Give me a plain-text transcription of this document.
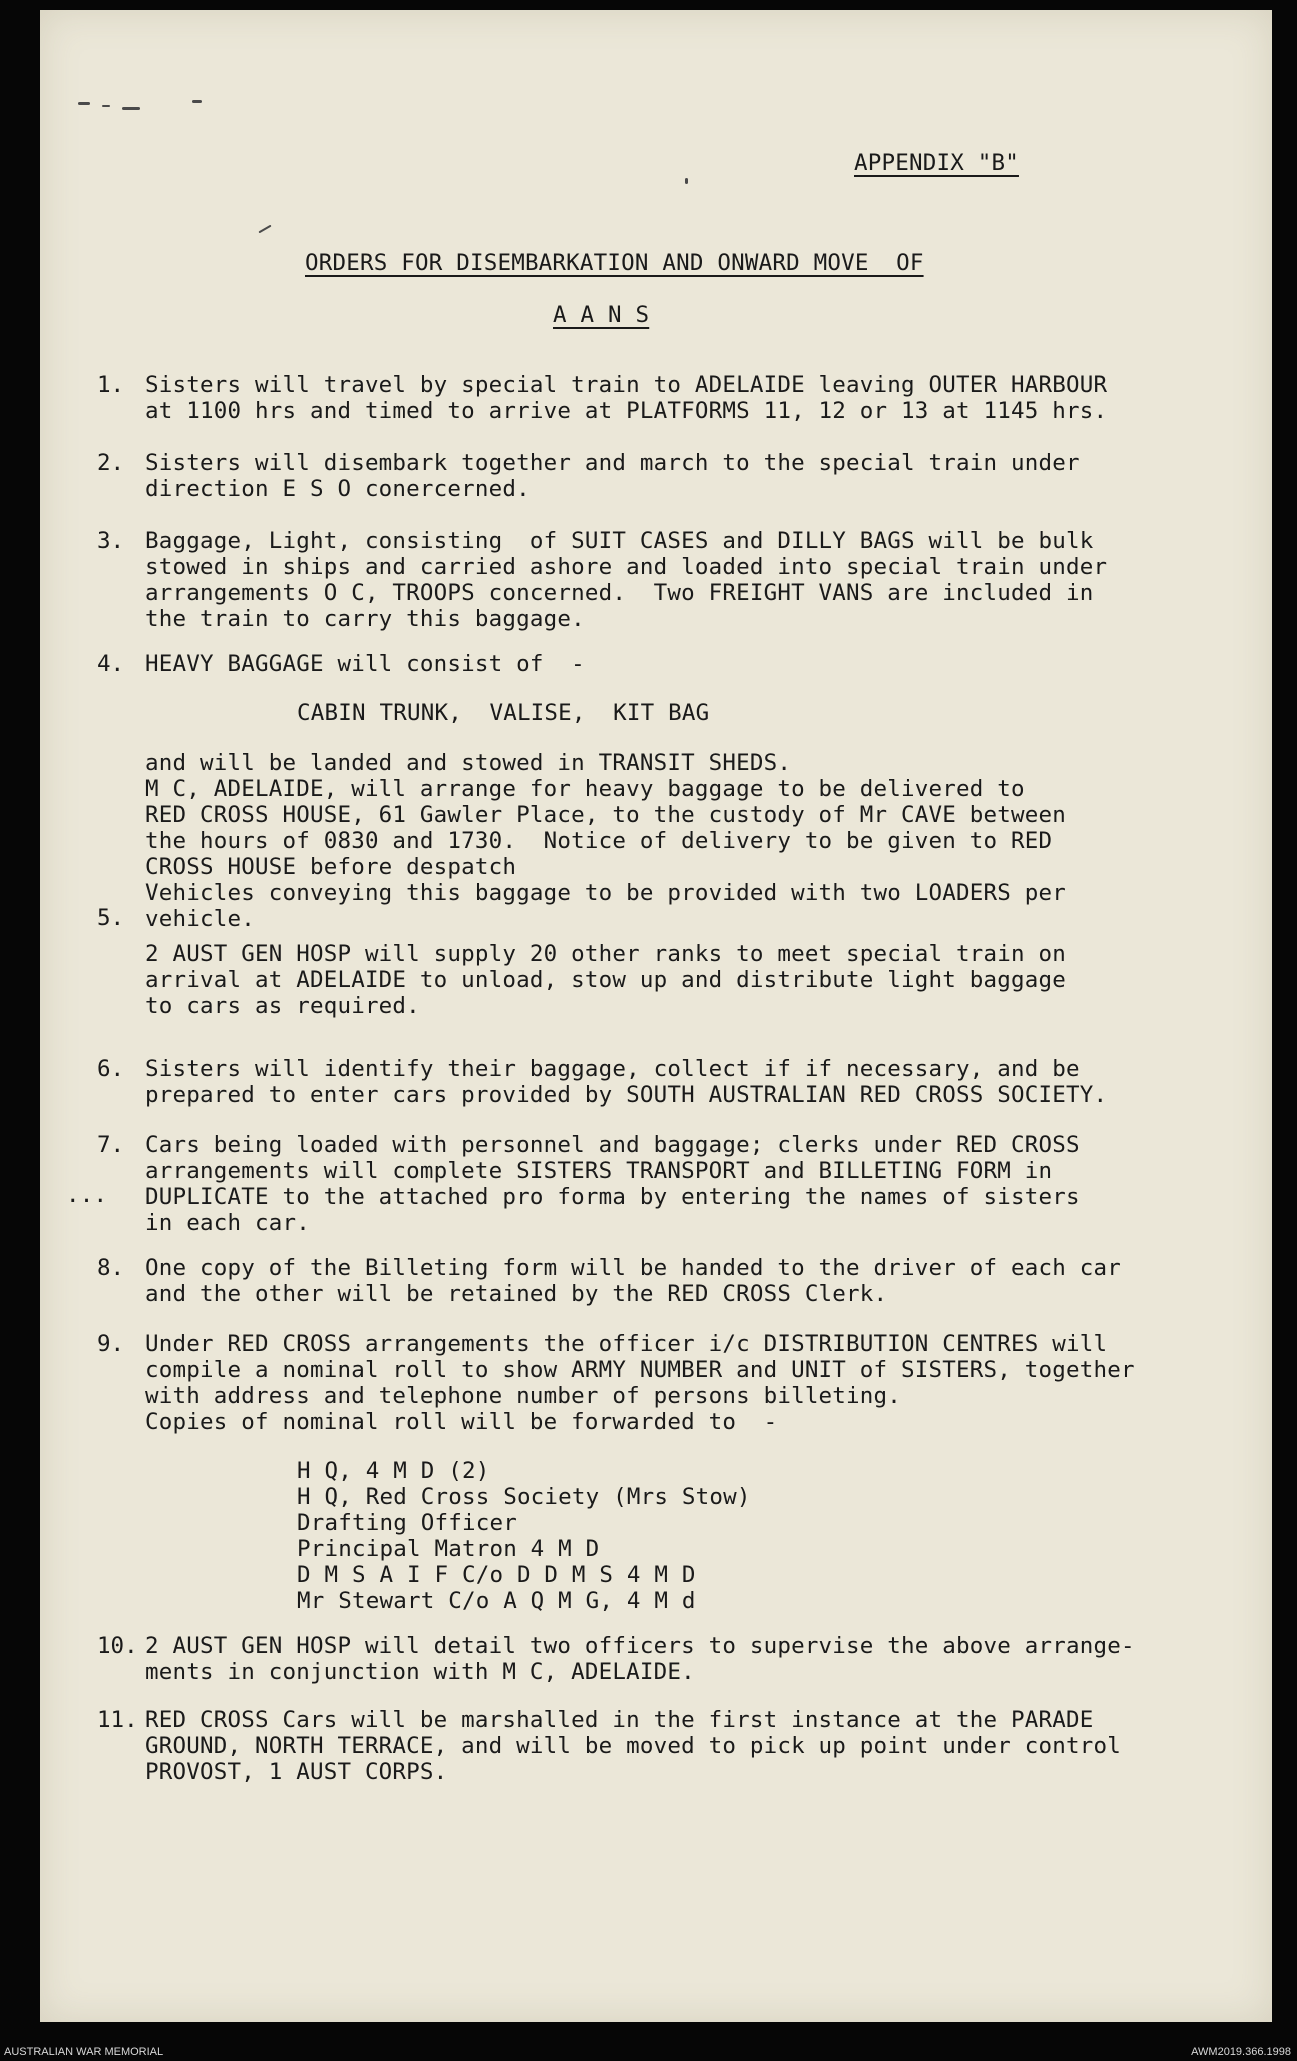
APPENDIX "B"
ORDERS FOR DISEMBARKATION AND ONWARD MOVE  OF
A A N S
1. Sisters will travel by special train to ADELAIDE leaving OUTER HARBOUR
at 1100 hrs and timed to arrive at PLATFORMS 11, 12 or 13 at 1145 hrs.
2. Sisters will disembark together and march to the special train under
direction E S O conercerned.
3. Baggage, Light, consisting  of SUIT CASES and DILLY BAGS will be bulk
stowed in ships and carried ashore and loaded into special train under
arrangements O C, TROOPS concerned.  Two FREIGHT VANS are included in
the train to carry this baggage.
4. HEAVY BAGGAGE will consist of  -
CABIN TRUNK,  VALISE,  KIT BAG
and will be landed and stowed in TRANSIT SHEDS.
M C, ADELAIDE, will arrange for heavy baggage to be delivered to
RED CROSS HOUSE, 61 Gawler Place, to the custody of Mr CAVE between
the hours of 0830 and 1730.  Notice of delivery to be given to RED
CROSS HOUSE before despatch
Vehicles conveying this baggage to be provided with two LOADERS per
vehicle.
5.
2 AUST GEN HOSP will supply 20 other ranks to meet special train on
arrival at ADELAIDE to unload, stow up and distribute light baggage
to cars as required.
6. Sisters will identify their baggage, collect if if necessary, and be
prepared to enter cars provided by SOUTH AUSTRALIAN RED CROSS SOCIETY.
7. Cars being loaded with personnel and baggage; clerks under RED CROSS
arrangements will complete SISTERS TRANSPORT and BILLETING FORM in
DUPLICATE to the attached pro forma by entering the names of sisters
in each car.
8. One copy of the Billeting form will be handed to the driver of each car
and the other will be retained by the RED CROSS Clerk.
9. Under RED CROSS arrangements the officer i/c DISTRIBUTION CENTRES will
compile a nominal roll to show ARMY NUMBER and UNIT of SISTERS, together
with address and telephone number of persons billeting.
Copies of nominal roll will be forwarded to  -
H Q, 4 M D (2)
H Q, Red Cross Society (Mrs Stow)
Drafting Officer
Principal Matron 4 M D
D M S A I F C/o D D M S 4 M D
Mr Stewart C/o A Q M G, 4 M d
10. 2 AUST GEN HOSP will detail two officers to supervise the above arrange-
ments in conjunction with M C, ADELAIDE.
11. RED CROSS Cars will be marshalled in the first instance at the PARADE
GROUND, NORTH TERRACE, and will be moved to pick up point under control
PROVOST, 1 AUST CORPS.
...
AUSTRALIAN WAR MEMORIAL	AWM2019.366.1998
